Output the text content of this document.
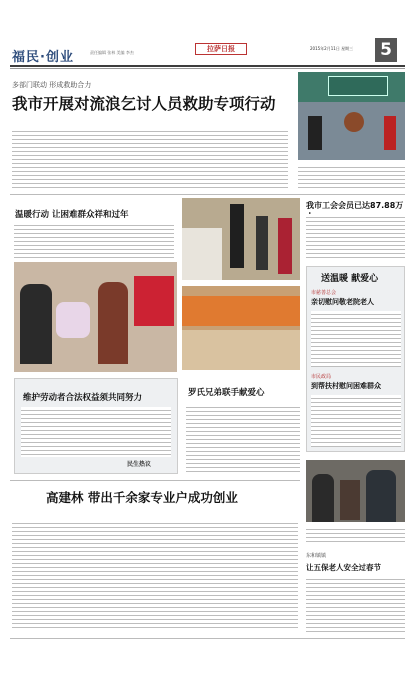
福民·创业	责任编辑 张林 美编 李杰	拉萨日报	2015年2月11日 星期三 5
多部门联动 形成救助合力
我市开展对流浪乞讨人员救助专项行动
温暖行动 让困难群众祥和过年
我市工会会员已达87.88万
送温暖 献爱心
市慈善总会
亲切慰问敬老院老人
市民政局
到帮扶村慰问困难群众
维护劳动者合法权益须共同努力
民生热议
罗氏兄弟联手献爱心
高建林 带出千余家专业户成功创业
东和镇镇
让五保老人安全过春节
